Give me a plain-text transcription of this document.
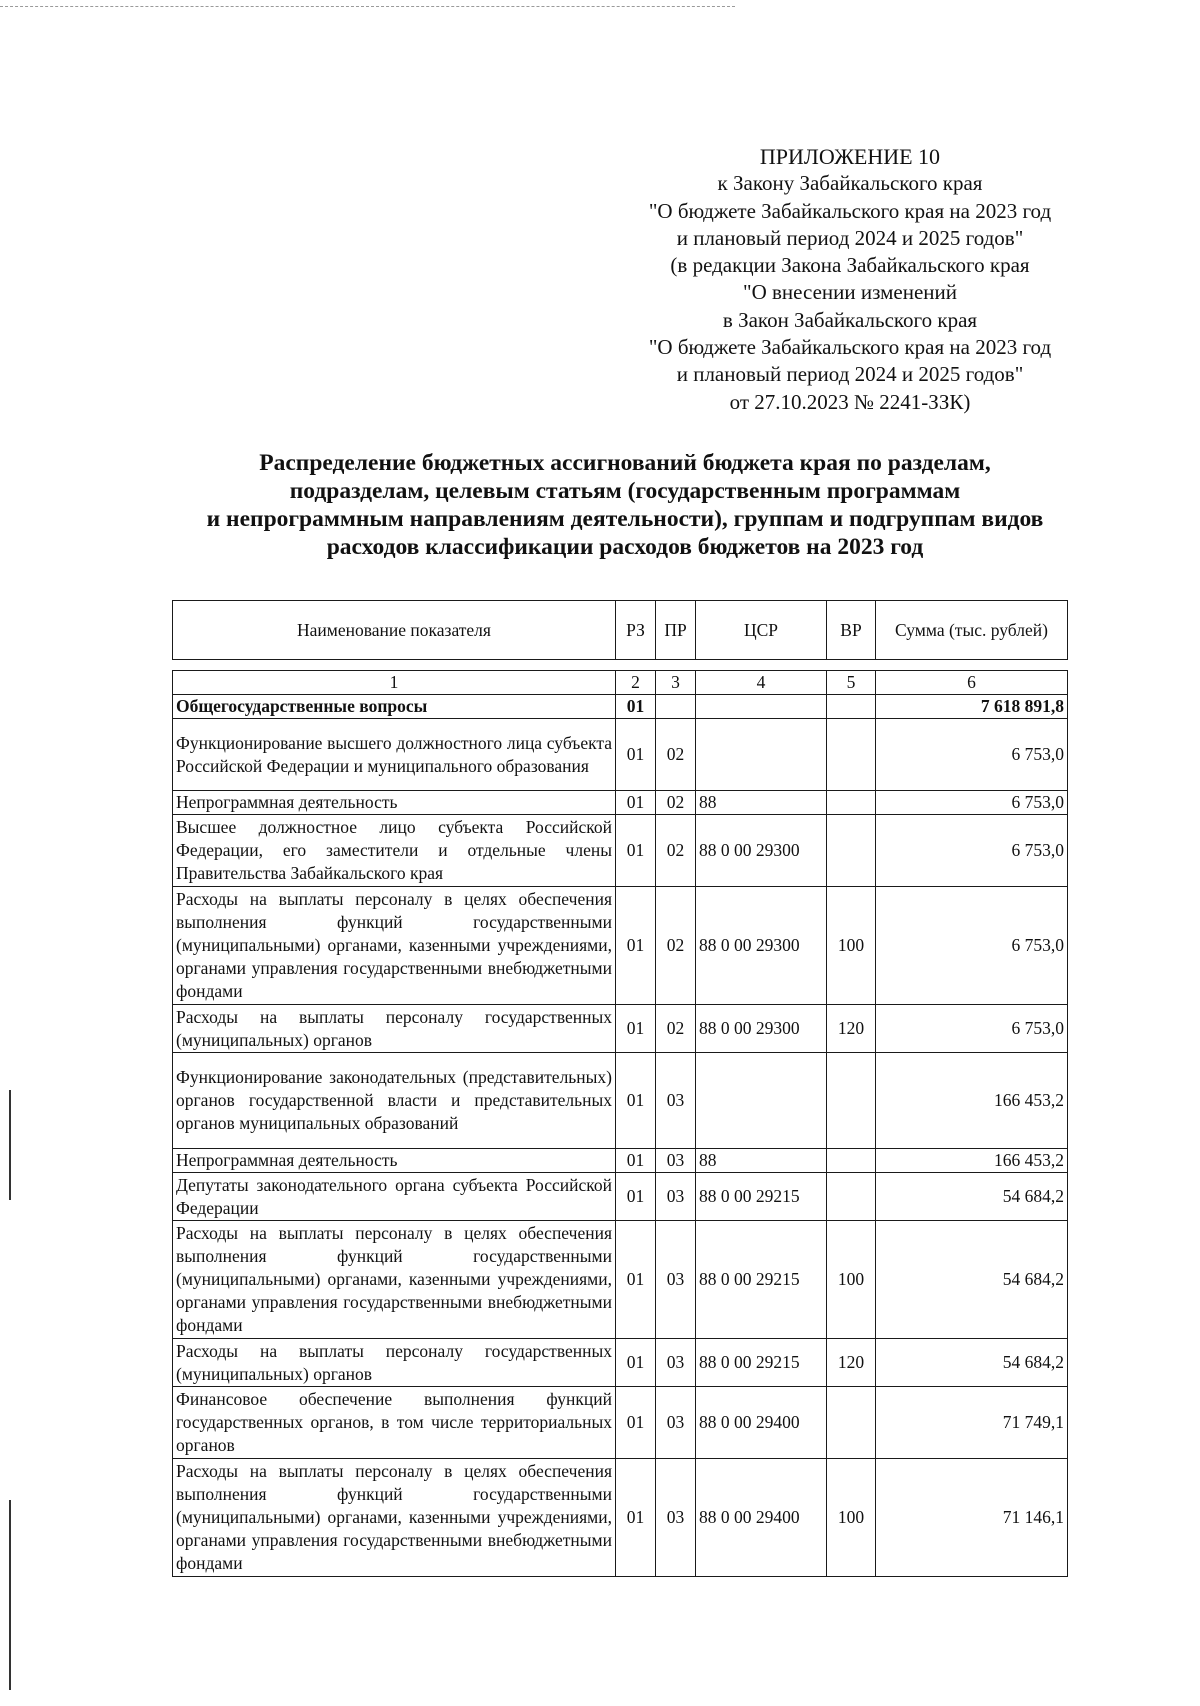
ПРИЛОЖЕНИЕ 10
к Закону Забайкальского края
"О бюджете Забайкальского края на 2023 год
и плановый период 2024 и 2025 годов"
(в редакции Закона Забайкальского края
"О внесении изменений
в Закон Забайкальского края
"О бюджете Забайкальского края на 2023 год
и плановый период 2024 и 2025 годов"
от 27.10.2023 № 2241-ЗЗК)
Распределение бюджетных ассигнований бюджета края по разделам,
подразделам, целевым статьям (государственным программам
и непрограммным направлениям деятельности), группам и подгруппам видов
расходов классификации расходов бюджетов на 2023 год
Наименование показателя	РЗ	ПР	ЦСР	ВР	Сумма (тыс. рублей)
1	2	3	4	5	6
Общегосударственные вопросы	01				7 618 891,8
Функционирование высшего должностного лица субъекта Российской Федерации и муниципального образования	01	02			6 753,0
Непрограммная деятельность	01	02	88		6 753,0
Высшее должностное лицо субъекта Российской Федерации, его заместители и отдельные члены Правительства Забайкальского края	01	02	88 0 00 29300		6 753,0
Расходы на выплаты персоналу в целях обеспечения выполнения функций государственными (муниципальными) органами, казенными учреждениями, органами управления государственными внебюджетными фондами	01	02	88 0 00 29300	100	6 753,0
Расходы на выплаты персоналу государственных (муниципальных) органов	01	02	88 0 00 29300	120	6 753,0
Функционирование законодательных (представительных) органов государственной власти и представительных органов муниципальных образований	01	03			166 453,2
Непрограммная деятельность	01	03	88		166 453,2
Депутаты законодательного органа субъекта Российской Федерации	01	03	88 0 00 29215		54 684,2
Расходы на выплаты персоналу в целях обеспечения выполнения функций государственными (муниципальными) органами, казенными учреждениями, органами управления государственными внебюджетными фондами	01	03	88 0 00 29215	100	54 684,2
Расходы на выплаты персоналу государственных (муниципальных) органов	01	03	88 0 00 29215	120	54 684,2
Финансовое обеспечение выполнения функций государственных органов, в том числе территориальных органов	01	03	88 0 00 29400		71 749,1
Расходы на выплаты персоналу в целях обеспечения выполнения функций государственными (муниципальными) органами, казенными учреждениями, органами управления государственными внебюджетными фондами	01	03	88 0 00 29400	100	71 146,1
